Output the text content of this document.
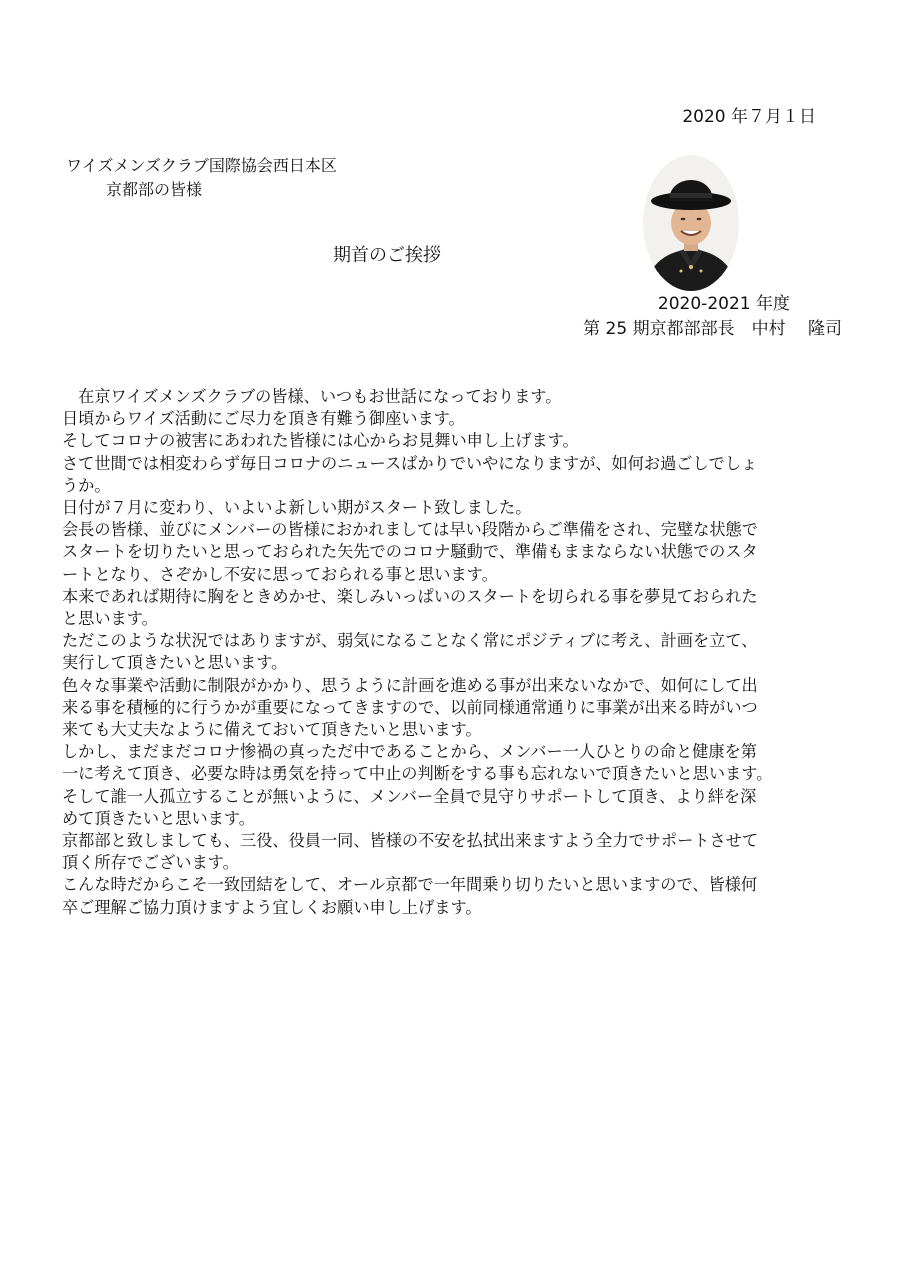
2020 年７月１日
ワイズメンズクラブ国際協会西日本区
京都部の皆様
期首のご挨拶
2020-2021 年度
第 25 期京都部部長　中村　 隆司

　在京ワイズメンズクラブの皆様、いつもお世話になっております。

日頃からワイズ活動にご尽力を頂き有難う御座います。

そしてコロナの被害にあわれた皆様には心からお見舞い申し上げます。

さて世間では相変わらず毎日コロナのニュースばかりでいやになりますが、如何お過ごしでしょ

うか。

日付が７月に変わり、いよいよ新しい期がスタート致しました。

会長の皆様、並びにメンバーの皆様におかれましては早い段階からご準備をされ、完璧な状態で

スタートを切りたいと思っておられた矢先でのコロナ騒動で、準備もままならない状態でのスタ

ートとなり、さぞかし不安に思っておられる事と思います。

本来であれば期待に胸をときめかせ、楽しみいっぱいのスタートを切られる事を夢見ておられた

と思います。

ただこのような状況ではありますが、弱気になることなく常にポジティブに考え、計画を立て、

実行して頂きたいと思います。

色々な事業や活動に制限がかかり、思うように計画を進める事が出来ないなかで、如何にして出

来る事を積極的に行うかが重要になってきますので、以前同様通常通りに事業が出来る時がいつ

来ても大丈夫なように備えておいて頂きたいと思います。

しかし、まだまだコロナ惨禍の真っただ中であることから、メンバー一人ひとりの命と健康を第

一に考えて頂き、必要な時は勇気を持って中止の判断をする事も忘れないで頂きたいと思います。

そして誰一人孤立することが無いように、メンバー全員で見守りサポートして頂き、より絆を深

めて頂きたいと思います。

京都部と致しましても、三役、役員一同、皆様の不安を払拭出来ますよう全力でサポートさせて

頂く所存でございます。

こんな時だからこそ一致団結をして、オール京都で一年間乗り切りたいと思いますので、皆様何

卒ご理解ご協力頂けますよう宜しくお願い申し上げます。
